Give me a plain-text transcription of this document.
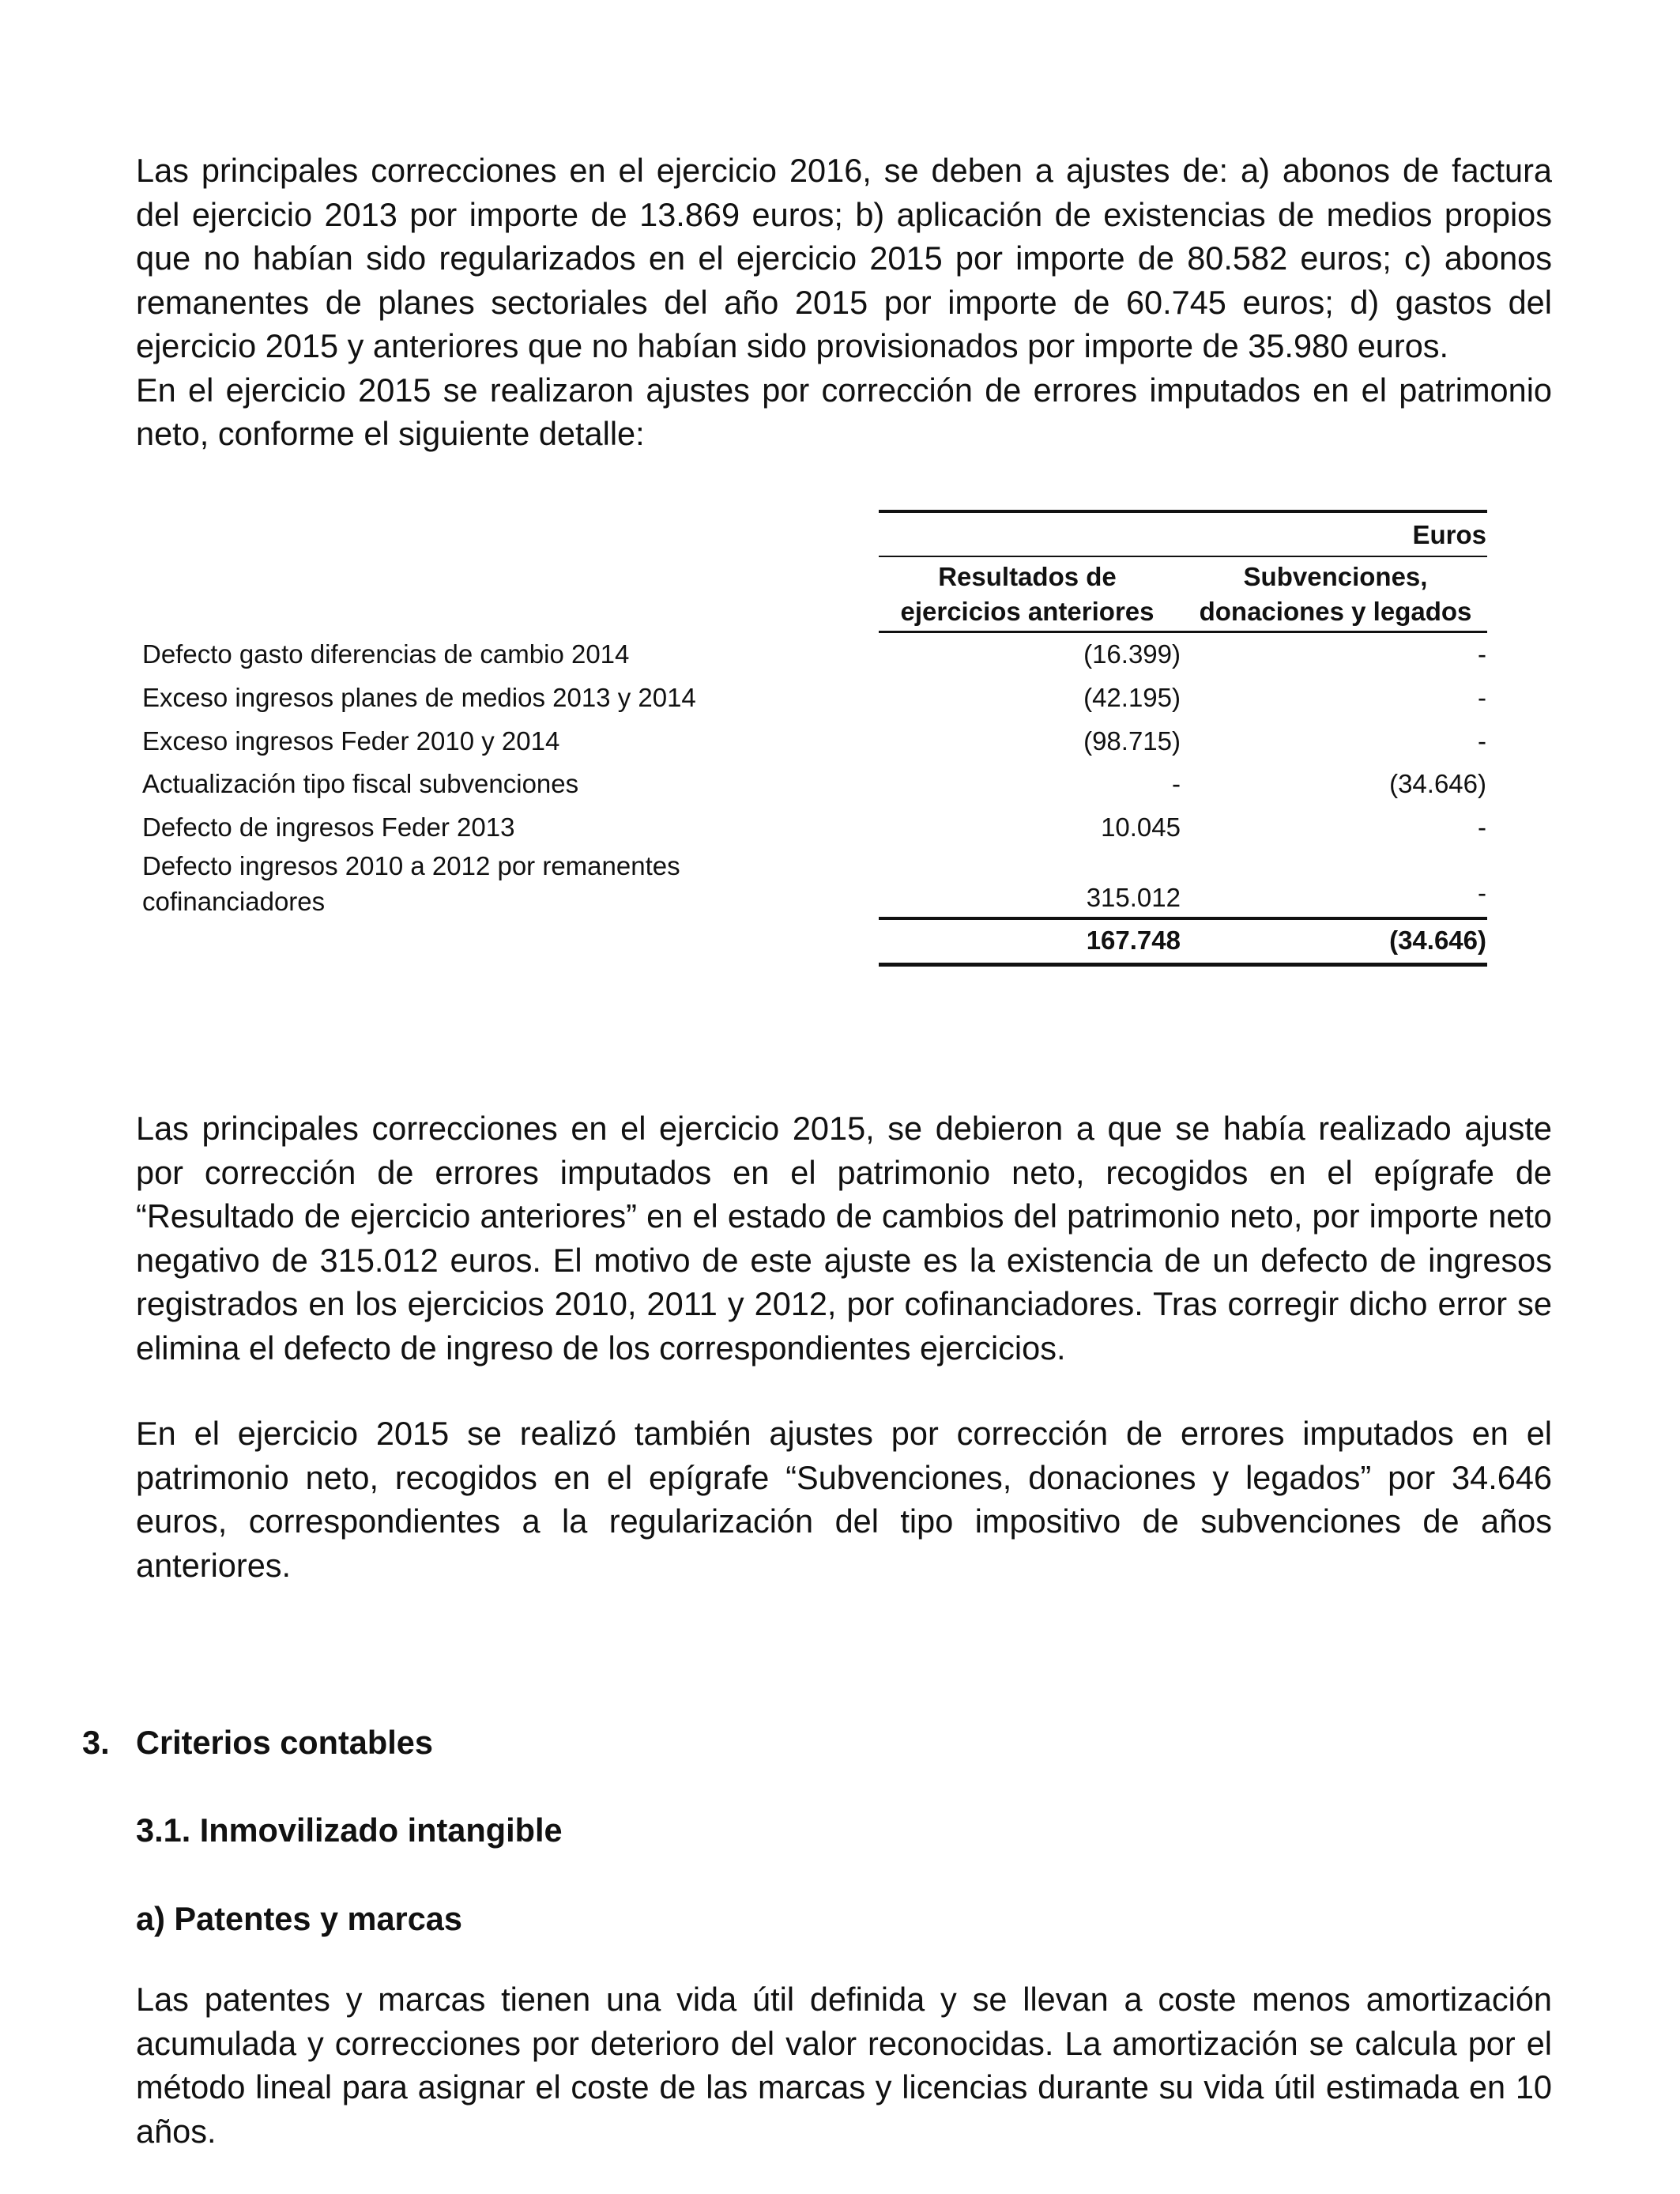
Las principales correcciones en el ejercicio 2016, se deben a ajustes de: a) abonos de factura del ejercicio 2013 por importe de 13.869 euros; b) aplicación de existencias de medios propios que no habían sido regularizados en el ejercicio 2015 por importe de 80.582 euros; c) abonos remanentes de planes sectoriales del año 2015 por importe de 60.745 euros; d) gastos del ejercicio 2015 y anteriores que no habían sido provisionados por importe de 35.980 euros.
En el ejercicio 2015 se realizaron ajustes por corrección de errores imputados en el patrimonio neto, conforme el siguiente detalle:

Euros
Resultados de
ejercicios anteriores
Subvenciones,
donaciones y legados
Defecto gasto diferencias de cambio 2014	(16.399)	-
Exceso ingresos planes de medios 2013 y 2014	(42.195)	-
Exceso ingresos Feder 2010 y 2014	(98.715)	-
Actualización tipo fiscal subvenciones	-	(34.646)
Defecto de ingresos Feder 2013	10.045	-
Defecto ingresos 2010 a 2012 por remanentes
cofinanciadores	315.012	-
167.748	(34.646)

Las principales correcciones en el ejercicio 2015, se debieron a que se había realizado ajuste por corrección de errores imputados en el patrimonio neto, recogidos en el epígrafe de “Resultado de ejercicio anteriores” en el estado de cambios del patrimonio neto, por importe neto negativo de 315.012 euros. El motivo de este ajuste es la existencia de un defecto de ingresos registrados en los ejercicios 2010, 2011 y 2012, por cofinanciadores. Tras corregir dicho error se elimina el defecto de ingreso de los correspondientes ejercicios.

En el ejercicio 2015 se realizó también ajustes por corrección de errores imputados en el patrimonio neto, recogidos en el epígrafe “Subvenciones, donaciones y legados” por 34.646 euros, correspondientes a la regularización del tipo impositivo de subvenciones de años anteriores.

3. Criterios contables
3.1. Inmovilizado intangible
a) Patentes y marcas

Las patentes y marcas tienen una vida útil definida y se llevan a coste menos amortización acumulada y correcciones por deterioro del valor reconocidas. La amortización se calcula por el método lineal para asignar el coste de las marcas y licencias durante su vida útil estimada en 10 años.
